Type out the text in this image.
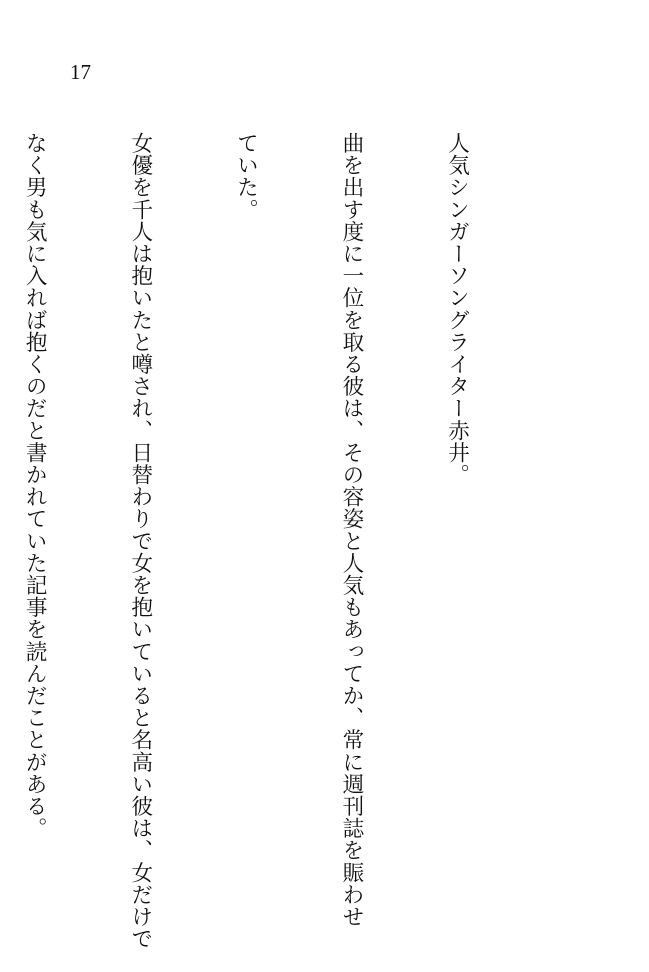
17

人気シンガーソングライター赤井。

曲を出す度に一位を取る彼は、その容姿と人気もあってか、常に週刊誌を賑わせ

ていた。

女優を千人は抱いたと噂され、日替わりで女を抱いていると名高い彼は、女だけで

なく男も気に入れば抱くのだと書かれていた記事を読んだことがある。
